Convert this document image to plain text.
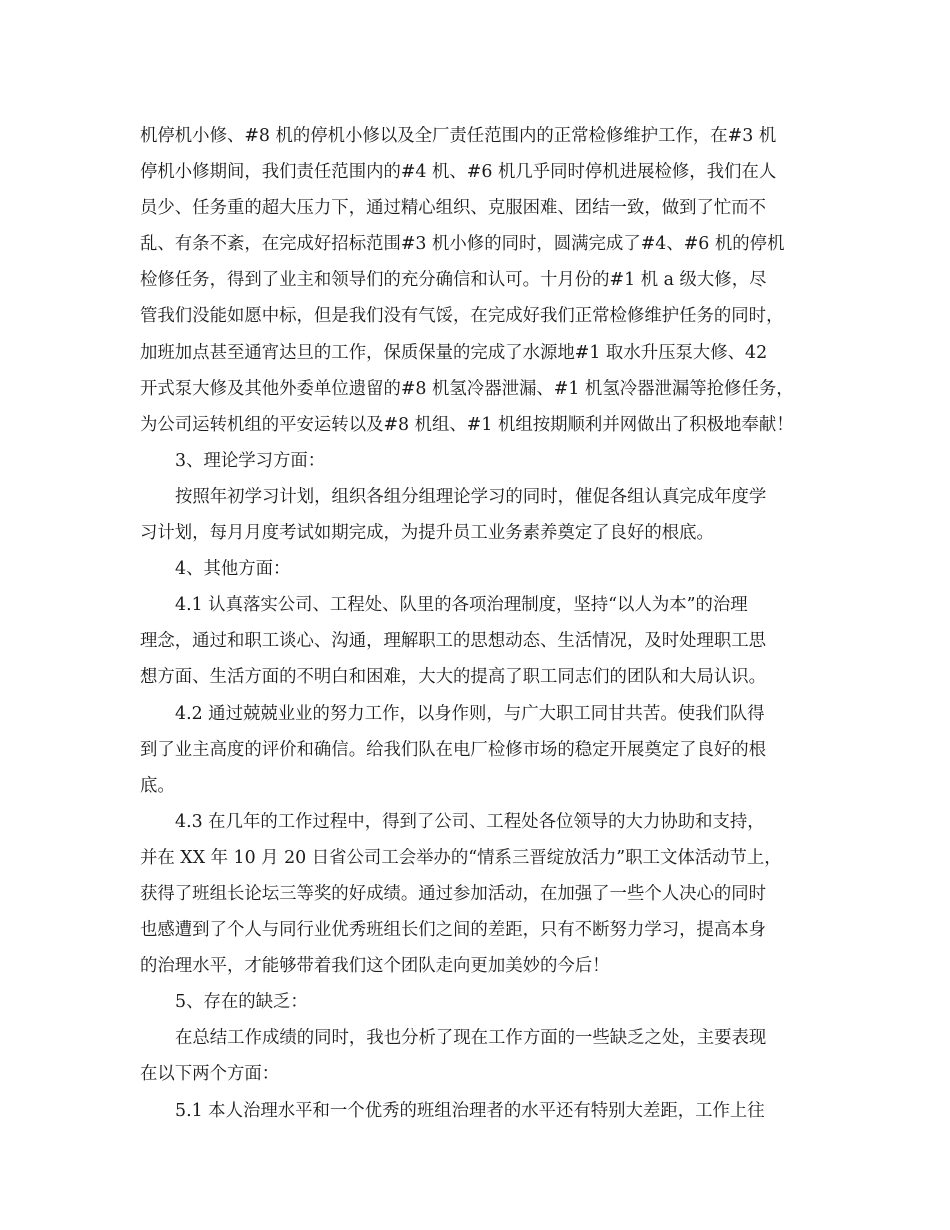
机停机小修、#8 机的停机小修以及全厂责任范围内的正常检修维护工作，在#3 机
停机小修期间，我们责任范围内的#4 机、#6 机几乎同时停机进展检修，我们在人
员少、任务重的超大压力下，通过精心组织、克服困难、团结一致，做到了忙而不
乱、有条不紊，在完成好招标范围#3 机小修的同时，圆满完成了#4、#6 机的停机
检修任务，得到了业主和领导们的充分确信和认可。十月份的#1 机 a 级大修，尽
管我们没能如愿中标，但是我们没有气馁，在完成好我们正常检修维护任务的同时，
加班加点甚至通宵达旦的工作，保质保量的完成了水源地#1 取水升压泵大修、42
开式泵大修及其他外委单位遗留的#8 机氢冷器泄漏、#1 机氢冷器泄漏等抢修任务，
为公司运转机组的平安运转以及#8 机组、#1 机组按期顺利并网做出了积极地奉献！
3、理论学习方面：
按照年初学习计划，组织各组分组理论学习的同时，催促各组认真完成年度学
习计划，每月月度考试如期完成，为提升员工业务素养奠定了良好的根底。
4、其他方面：
4.1 认真落实公司、工程处、队里的各项治理制度，坚持“以人为本”的治理
理念，通过和职工谈心、沟通，理解职工的思想动态、生活情况，及时处理职工思
想方面、生活方面的不明白和困难，大大的提高了职工同志们的团队和大局认识。
4.2 通过兢兢业业的努力工作，以身作则，与广大职工同甘共苦。使我们队得
到了业主高度的评价和确信。给我们队在电厂检修市场的稳定开展奠定了良好的根
底。
4.3 在几年的工作过程中，得到了公司、工程处各位领导的大力协助和支持，
并在 XX 年 10 月 20 日省公司工会举办的“情系三晋绽放活力”职工文体活动节上，
获得了班组长论坛三等奖的好成绩。通过参加活动，在加强了一些个人决心的同时
也感遭到了个人与同行业优秀班组长们之间的差距，只有不断努力学习，提高本身
的治理水平，才能够带着我们这个团队走向更加美妙的今后！
5、存在的缺乏：
在总结工作成绩的同时，我也分析了现在工作方面的一些缺乏之处，主要表现
在以下两个方面：
5.1 本人治理水平和一个优秀的班组治理者的水平还有特别大差距，工作上往
